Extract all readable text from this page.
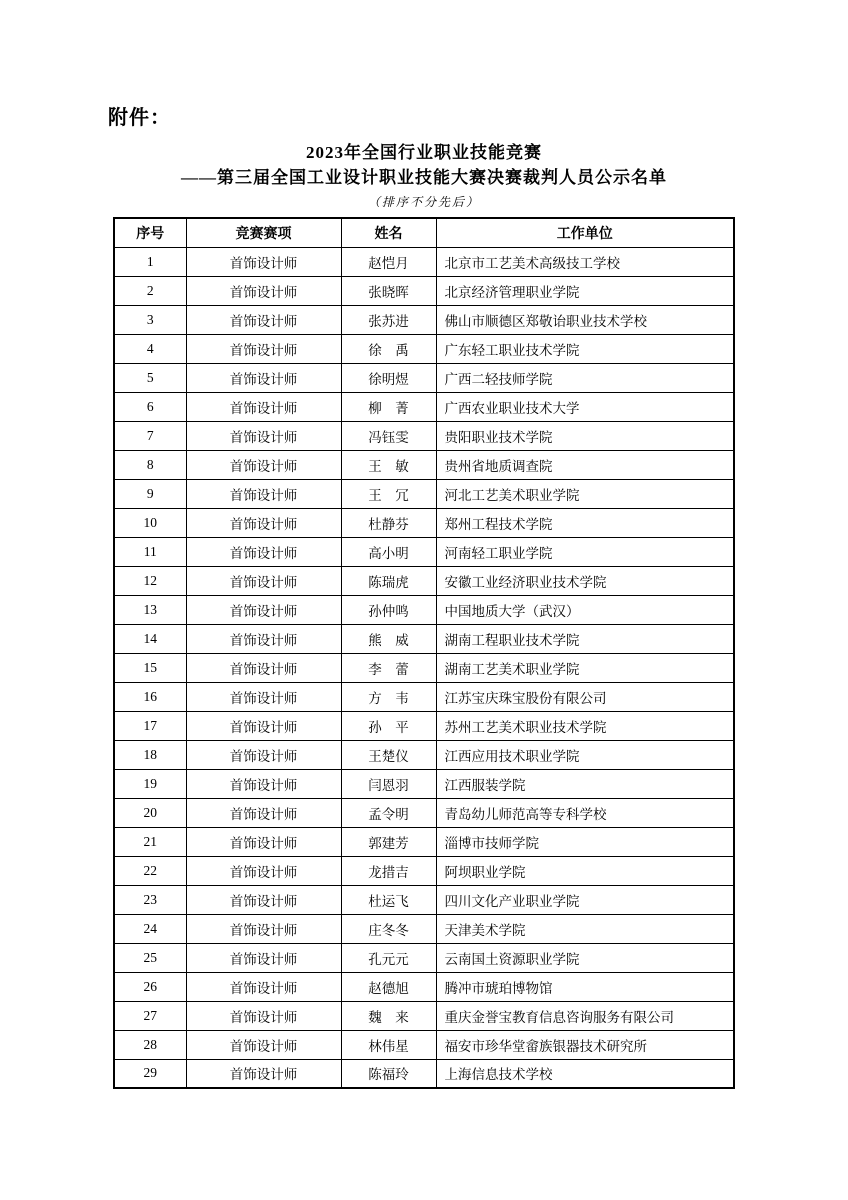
附件：
2023年全国行业职业技能竞赛
——第三届全国工业设计职业技能大赛决赛裁判人员公示名单
（排序不分先后）
序号	竞赛赛项	姓名	工作单位
1	首饰设计师	赵恺月	北京市工艺美术高级技工学校
2	首饰设计师	张晓晖	北京经济管理职业学院
3	首饰设计师	张苏进	佛山市顺德区郑敬诒职业技术学校
4	首饰设计师	徐　禹	广东轻工职业技术学院
5	首饰设计师	徐明煜	广西二轻技师学院
6	首饰设计师	柳　菁	广西农业职业技术大学
7	首饰设计师	冯钰雯	贵阳职业技术学院
8	首饰设计师	王　敏	贵州省地质调查院
9	首饰设计师	王　冗	河北工艺美术职业学院
10	首饰设计师	杜静芬	郑州工程技术学院
11	首饰设计师	高小明	河南轻工职业学院
12	首饰设计师	陈瑞虎	安徽工业经济职业技术学院
13	首饰设计师	孙仲鸣	中国地质大学（武汉）
14	首饰设计师	熊　威	湖南工程职业技术学院
15	首饰设计师	李　蕾	湖南工艺美术职业学院
16	首饰设计师	方　韦	江苏宝庆珠宝股份有限公司
17	首饰设计师	孙　平	苏州工艺美术职业技术学院
18	首饰设计师	王楚仪	江西应用技术职业学院
19	首饰设计师	闫恩羽	江西服装学院
20	首饰设计师	孟令明	青岛幼儿师范高等专科学校
21	首饰设计师	郭建芳	淄博市技师学院
22	首饰设计师	龙措吉	阿坝职业学院
23	首饰设计师	杜运飞	四川文化产业职业学院
24	首饰设计师	庄冬冬	天津美术学院
25	首饰设计师	孔元元	云南国土资源职业学院
26	首饰设计师	赵德旭	腾冲市琥珀博物馆
27	首饰设计师	魏　来	重庆金誉宝教育信息咨询服务有限公司
28	首饰设计师	林伟星	福安市珍华堂畲族银器技术研究所
29	首饰设计师	陈福玲	上海信息技术学校
